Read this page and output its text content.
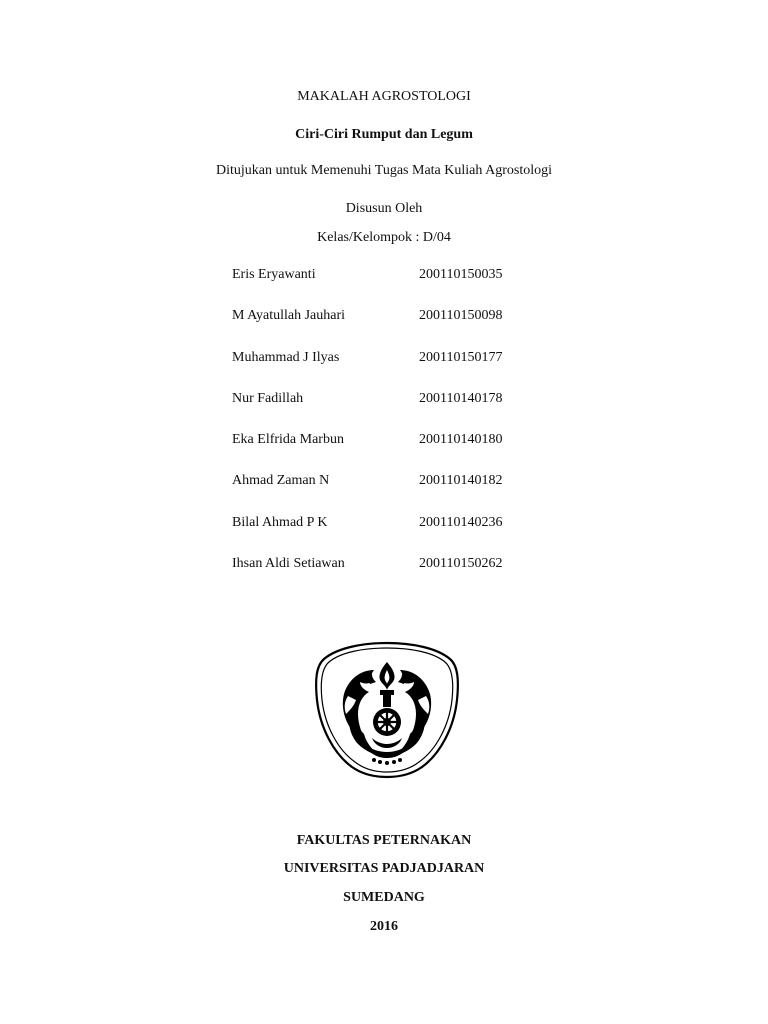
MAKALAH AGROSTOLOGI
Ciri-Ciri Rumput dan Legum
Ditujukan untuk Memenuhi Tugas Mata Kuliah Agrostologi
Disusun Oleh
Kelas/Kelompok : D/04
Eris Eryawanti	200110150035
M Ayatullah Jauhari	200110150098
Muhammad J Ilyas	200110150177
Nur Fadillah	200110140178
Eka Elfrida Marbun	200110140180
Ahmad Zaman N	200110140182
Bilal Ahmad P K	200110140236
Ihsan Aldi Setiawan	200110150262
FAKULTAS PETERNAKAN
UNIVERSITAS PADJADJARAN
SUMEDANG
2016
